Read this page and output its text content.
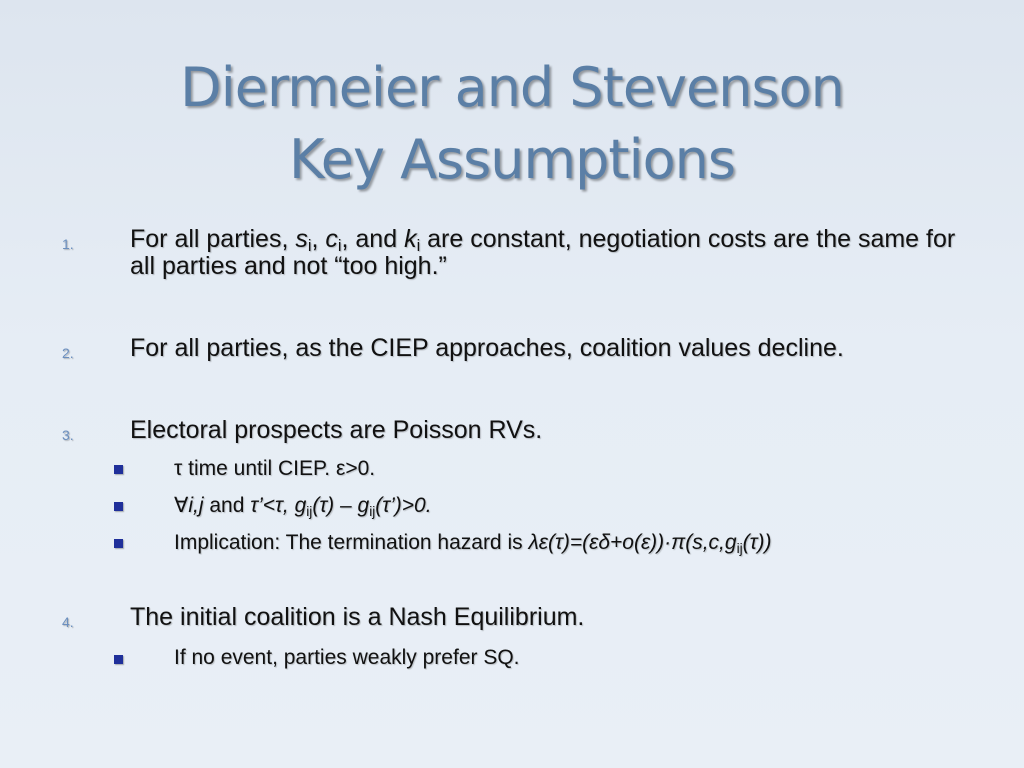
Diermeier and Stevenson
Key Assumptions
1. For all parties, $s_i$, $c_i$, and $k_i$ are constant, negotiation costs are the same for all parties and not “too high.”
2. For all parties, as the CIEP approaches, coalition values decline.
3. Electoral prospects are Poisson RVs.
τ time until CIEP. ε>0.
∀i,j and τ’<τ, $g_{ij}(\tau)$ – $g_{ij}(\tau’)>0$.
Implication: The termination hazard is $\lambda\varepsilon(\tau)=(\varepsilon\delta+o(\varepsilon))\cdot\pi(s,c,g_{ij}(\tau))$
4. The initial coalition is a Nash Equilibrium.
If no event, parties weakly prefer SQ.
